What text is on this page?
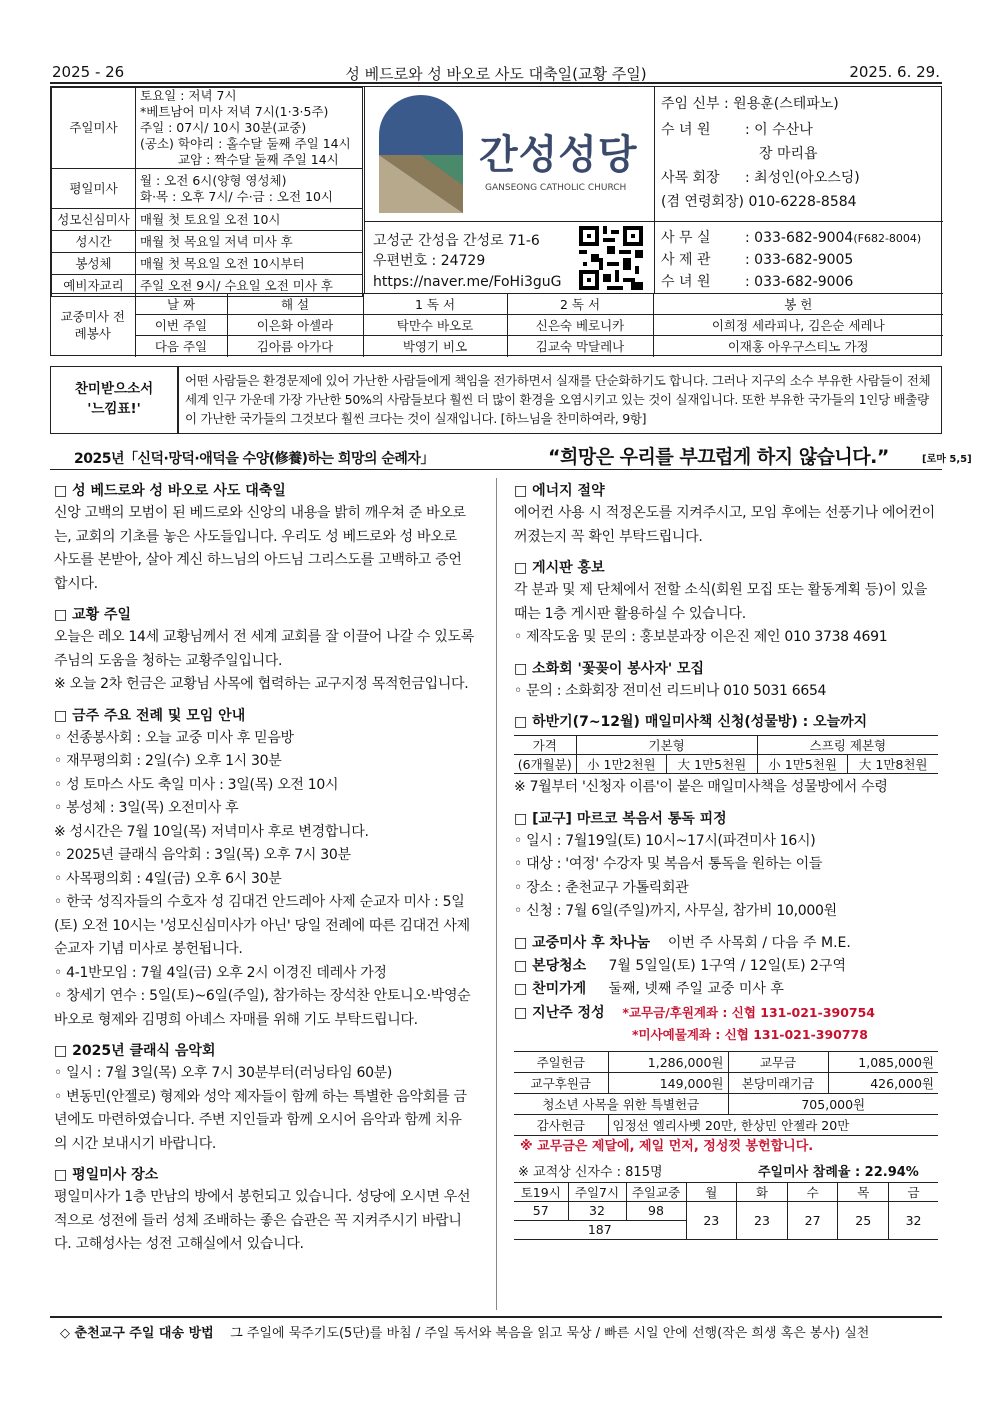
2025 - 26	성 베드로와 성 바오로 사도 대축일(교황 주일)	2025. 6. 29.
주일미사	토요일 : 저녁 7시
*베트남어 미사 저녁 7시(1·3·5주)
주일 : 07시/ 10시 30분(교중)
(공소) 학야리 : 홀수달 둘째 주일 14시
교암 : 짝수달 둘째 주일 14시

평일미사	월 : 오전 6시(양형 영성체)
화·목 : 오후 7시/ 수·금 : 오전 10시

성모신심미사	매월 첫 토요일 오전 10시
성시간	매월 첫 목요일 저녁 미사 후
봉성체	매월 첫 목요일 오전 10시부터
예비자교리	주일 오전 9시/ 수요일 오전 미사 후
간성성당
GANSEONG CATHOLIC CHURCH
고성군 간성읍 간성로 71-6
우편번호 : 24729
https://naver.me/FoHi3guG
주임 신부 : 원용훈(스테파노)
수 녀 원 : 이 수산나
장 마리욥
사목 회장 : 최성인(아오스딩)
(겸 연령회장) 010-6228-8584
사 무 실 : 033-682-9004(F682-8004)
사 제 관 : 033-682-9005
수 녀 원 : 033-682-9006
교중미사 전례봉사	날 짜	해 설	1 독 서	2 독 서	봉 헌
	이번 주일	이은화 아셀라	탁만수 바오로	신은숙 베로니카	이희정 세라피나, 김은순 세레나
	다음 주일	김아름 아가다	박영기 비오	김교숙 막달레나	이재홍 아우구스티노 가정
찬미받으소서
'느낌표!'
어떤 사람들은 환경문제에 있어 가난한 사람들에게 책임을 전가하면서 실재를 단순화하기도 합니다. 그러나 지구의 소수 부유한 사람들이 전체 세계 인구 가운데 가장 가난한 50%의 사람들보다 훨씬 더 많이 환경을 오염시키고 있는 것이 실재입니다. 또한 부유한 국가들의 1인당 배출량이 가난한 국가들의 그것보다 훨씬 크다는 것이 실재입니다. [하느님을 찬미하여라, 9항]
2025년「신덕·망덕·애덕을 수양(修養)하는 희망의 순례자」	“희망은 우리를 부끄럽게 하지 않습니다.”	[로마 5,5]
□ 성 베드로와 성 바오로 사도 대축일
신앙 고백의 모범이 된 베드로와 신앙의 내용을 밝히 깨우쳐 준 바오로는, 교회의 기초를 놓은 사도들입니다. 우리도 성 베드로와 성 바오로 사도를 본받아, 살아 계신 하느님의 아드님 그리스도를 고백하고 증언합시다.
□ 교황 주일
오늘은 레오 14세 교황님께서 전 세계 교회를 잘 이끌어 나갈 수 있도록 주님의 도움을 청하는 교황주일입니다.
※ 오늘 2차 헌금은 교황님 사목에 협력하는 교구지정 목적헌금입니다.
□ 금주 주요 전례 및 모임 안내
◦ 선종봉사회 : 오늘 교중 미사 후 믿음방
◦ 재무평의회 : 2일(수) 오후 1시 30분
◦ 성 토마스 사도 축일 미사 : 3일(목) 오전 10시
◦ 봉성체 : 3일(목) 오전미사 후
※ 성시간은 7월 10일(목) 저녁미사 후로 변경합니다.
◦ 2025년 클래식 음악회 : 3일(목) 오후 7시 30분
◦ 사목평의회 : 4일(금) 오후 6시 30분
◦ 한국 성직자들의 수호자 성 김대건 안드레아 사제 순교자 미사 : 5일(토) 오전 10시는 '성모신심미사가 아닌' 당일 전례에 따른 김대건 사제 순교자 기념 미사로 봉헌됩니다.
◦ 4-1반모임 : 7월 4일(금) 오후 2시 이경진 데레사 가정
◦ 창세기 연수 : 5일(토)~6일(주일), 참가하는 장석찬 안토니오·박영순 바오로 형제와 김명희 아녜스 자매를 위해 기도 부탁드립니다.
□ 2025년 클래식 음악회
◦ 일시 : 7월 3일(목) 오후 7시 30분부터(러닝타임 60분)
◦ 변동민(안젤로) 형제와 성악 제자들이 함께 하는 특별한 음악회를 금년에도 마련하였습니다. 주변 지인들과 함께 오시어 음악과 함께 치유의 시간 보내시기 바랍니다.
□ 평일미사 장소
평일미사가 1층 만남의 방에서 봉헌되고 있습니다. 성당에 오시면 우선적으로 성전에 들러 성체 조배하는 좋은 습관은 꼭 지켜주시기 바랍니다. 고해성사는 성전 고해실에서 있습니다.
□ 에너지 절약
에어컨 사용 시 적정온도를 지켜주시고, 모임 후에는 선풍기나 에어컨이 꺼졌는지 꼭 확인 부탁드립니다.
□ 게시판 홍보
각 분과 및 제 단체에서 전할 소식(회원 모집 또는 활동계획 등)이 있을 때는 1층 게시판 활용하실 수 있습니다.
◦ 제작도움 및 문의 : 홍보분과장 이은진 제인 010 3738 4691
□ 소화회 '꽃꽂이 봉사자' 모집
◦ 문의 : 소화회장 전미선 리드비나 010 5031 6654
□ 하반기(7~12월) 매일미사책 신청(성물방) : 오늘까지
가격	기본형		스프링 제본형	
(6개월분)	小 1만2천원	大 1만5천원	小 1만5천원	大 1만8천원
※ 7월부터 '신청자 이름'이 붙은 매일미사책을 성물방에서 수령
□ [교구] 마르코 복음서 통독 피정
◦ 일시 : 7월19일(토) 10시~17시(파견미사 16시)
◦ 대상 : '여정' 수강자 및 복음서 통독을 원하는 이들
◦ 장소 : 춘천교구 가톨릭회관
◦ 신청 : 7월 6일(주일)까지, 사무실, 참가비 10,000원
□ 교중미사 후 차나눔 이번 주 사목회 / 다음 주 M.E.
□ 본당청소 7월 5일일(토) 1구역 / 12일(토) 2구역
□ 찬미가게 둘째, 넷째 주일 교중 미사 후
□ 지난주 정성 *교무금/후원계좌 : 신협 131-021-390754
*미사예물계좌 : 신협 131-021-390778
주일헌금	1,286,000원	교무금	1,085,000원
교구후원금	149,000원	본당미래기금	426,000원
청소년 사목을 위한 특별헌금		705,000원	
감사헌금	임정선 엘리사벳 20만, 한상민 안젤라 20만		
※ 교무금은 제달에, 제일 먼저, 정성껏 봉헌합니다.
※ 교적상 신자수 : 815명	주일미사 참례율 : 22.94%
토19시	주일7시	주일교중	월	화	수	목	금
57	32	98	23	23	27	25	32
187							
◇ 춘천교구 주일 대송 방법 그 주일에 묵주기도(5단)를 바침 / 주일 독서와 복음을 읽고 묵상 / 빠른 시일 안에 선행(작은 희생 혹은 봉사) 실천
